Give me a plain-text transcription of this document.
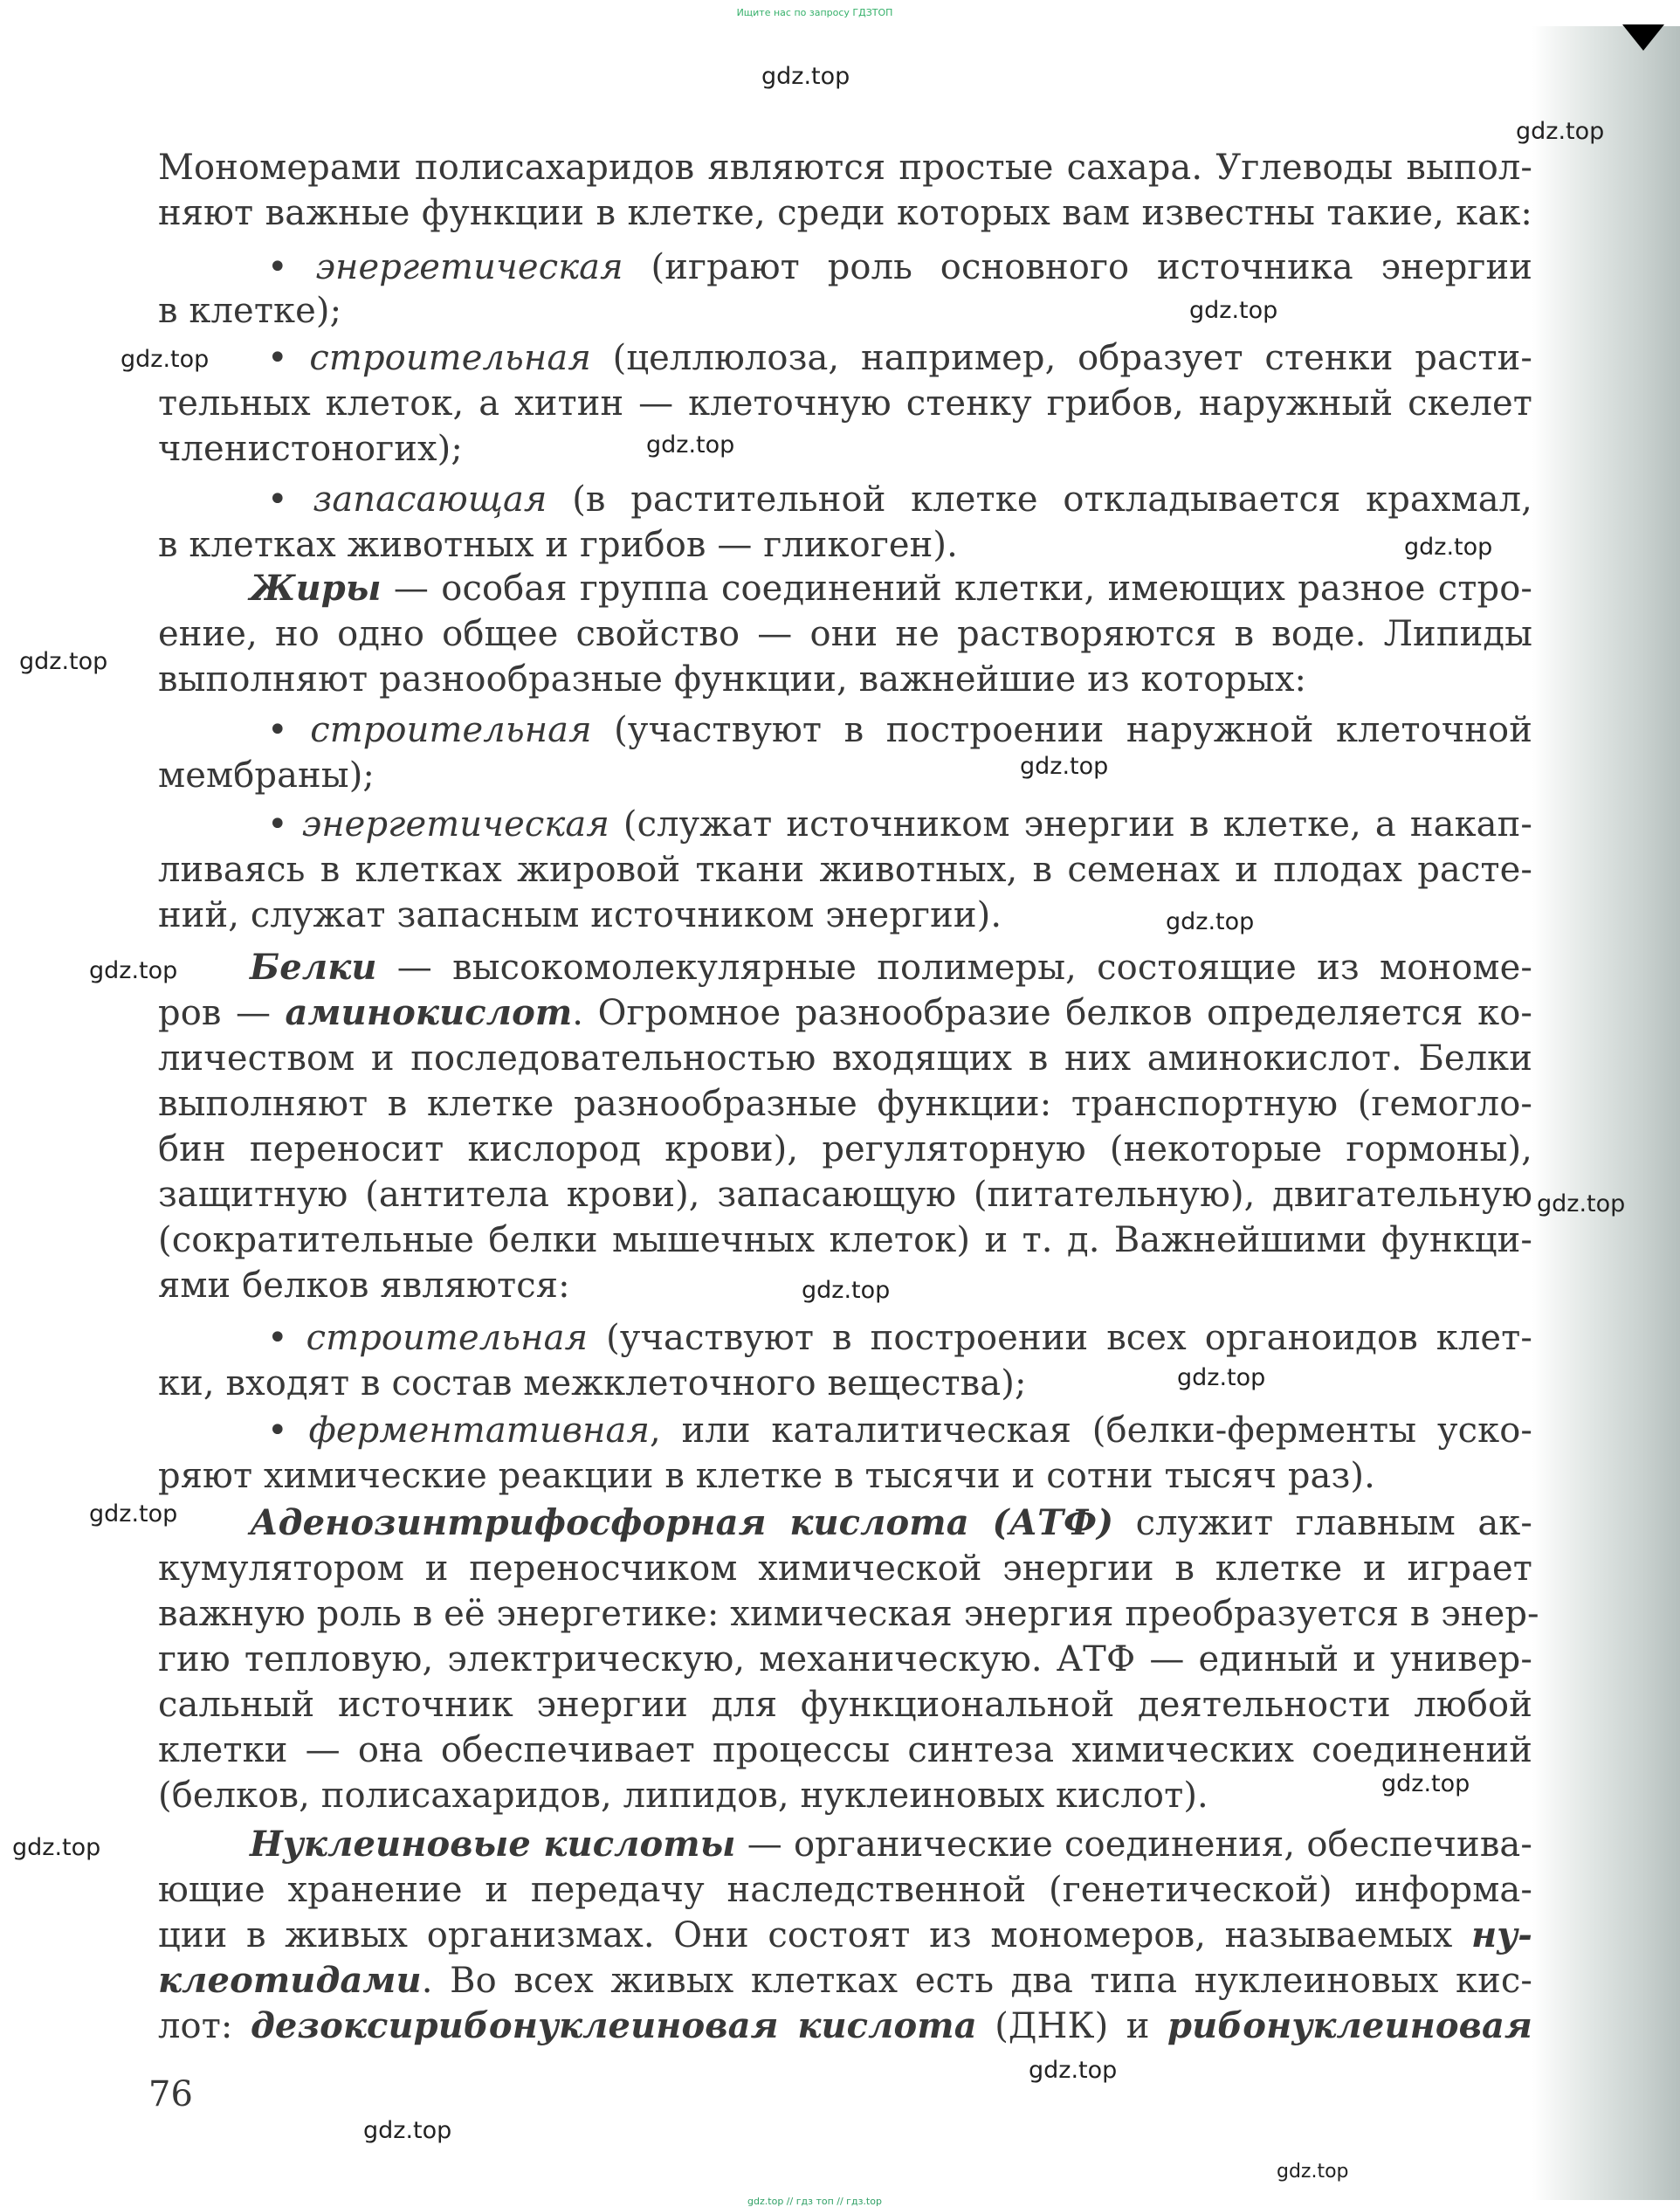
Ищите нас по запросу ГДЗТОП

Мономерами полисахаридов являются простые сахара. Углеводы выпол-

няют важные функции в клетке, среди которых вам известны такие, как:

• энергетическая (играют роль основного источника энергии

в клетке);

• строительная (целлюлоза, например, образует стенки расти-

тельных клеток, а хитин — клеточную стенку грибов, наружный скелет

членистоногих);

• запасающая (в растительной клетке откладывается крахмал,

в клетках животных и грибов — гликоген).

Жиры — особая группа соединений клетки, имеющих разное стро-

ение, но одно общее свойство — они не растворяются в воде. Липиды

выполняют разнообразные функции, важнейшие из которых:

• строительная (участвуют в построении наружной клеточной

мембраны);

• энергетическая (служат источником энергии в клетке, а накап-

ливаясь в клетках жировой ткани животных, в семенах и плодах расте-

ний, служат запасным источником энергии).

Белки — высокомолекулярные полимеры, состоящие из мономе-

ров — аминокислот. Огромное разнообразие белков определяется ко-

личеством и последовательностью входящих в них аминокислот. Белки

выполняют в клетке разнообразные функции: транспортную (гемогло-

бин переносит кислород крови), регуляторную (некоторые гормоны),

защитную (антитела крови), запасающую (питательную), двигательную

(сократительные белки мышечных клеток) и т. д. Важнейшими функци-

ями белков являются:

• строительная (участвуют в построении всех органоидов клет-

ки, входят в состав межклеточного вещества);

• ферментативная, или каталитическая (белки-ферменты ускo-

ряют химические реакции в клетке в тысячи и сотни тысяч раз).

Аденозинтрифосфорная кислота (АТФ) служит главным ак-

кумулятором и переносчиком химической энергии в клетке и играет

важную роль в её энергетике: химическая энергия преобразуется в энер-

гию тепловую, электрическую, механическую. АТФ — единый и универ-

сальный источник энергии для функциональной деятельности любой

клетки — она обеспечивает процессы синтеза химических соединений

(белков, полисахаридов, липидов, нуклеиновых кислот).

Нуклеиновые кислоты — органические соединения, обеспечива-

ющие хранение и передачу наследственной (генетической) информа-

ции в живых организмах. Они состоят из мономеров, называемых ну-

клеотидами. Во всех живых клетках есть два типа нуклеиновых кис-

лот: дезоксирибонуклеиновая кислота (ДНК) и рибонуклеиновая

76

gdz.top
gdz.top
gdz.top
gdz.top
gdz.top
gdz.top
gdz.top
gdz.top
gdz.top
gdz.top
gdz.top
gdz.top
gdz.top
gdz.top
gdz.top
gdz.top
gdz.top
gdz.top
gdz.top
gdz.top // гдз топ // гдз.top
